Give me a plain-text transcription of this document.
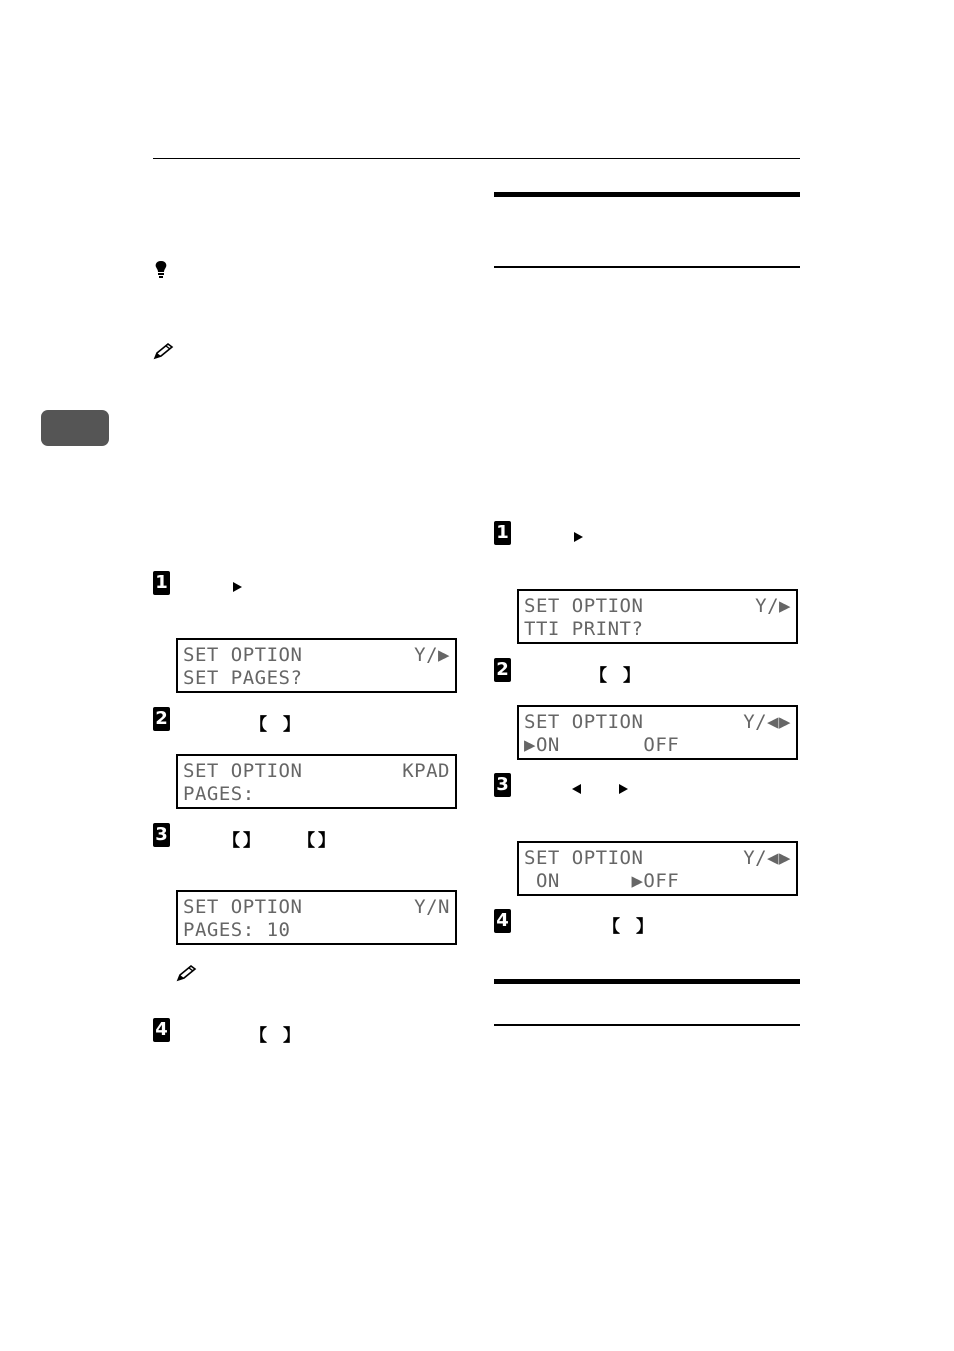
1
SET OPTION	Y/▶
SET PAGES?
2	【 】
SET OPTION	KPAD
PAGES:
3	【 】 【 】
SET OPTION	Y/N
PAGES: 10
4	【 】
1
SET OPTION	Y/▶
TTI PRINT?
2	【 】
SET OPTION	Y/◀▶
▶ON       OFF
3
SET OPTION	Y/◀▶
ON      ▶OFF
4	【 】
